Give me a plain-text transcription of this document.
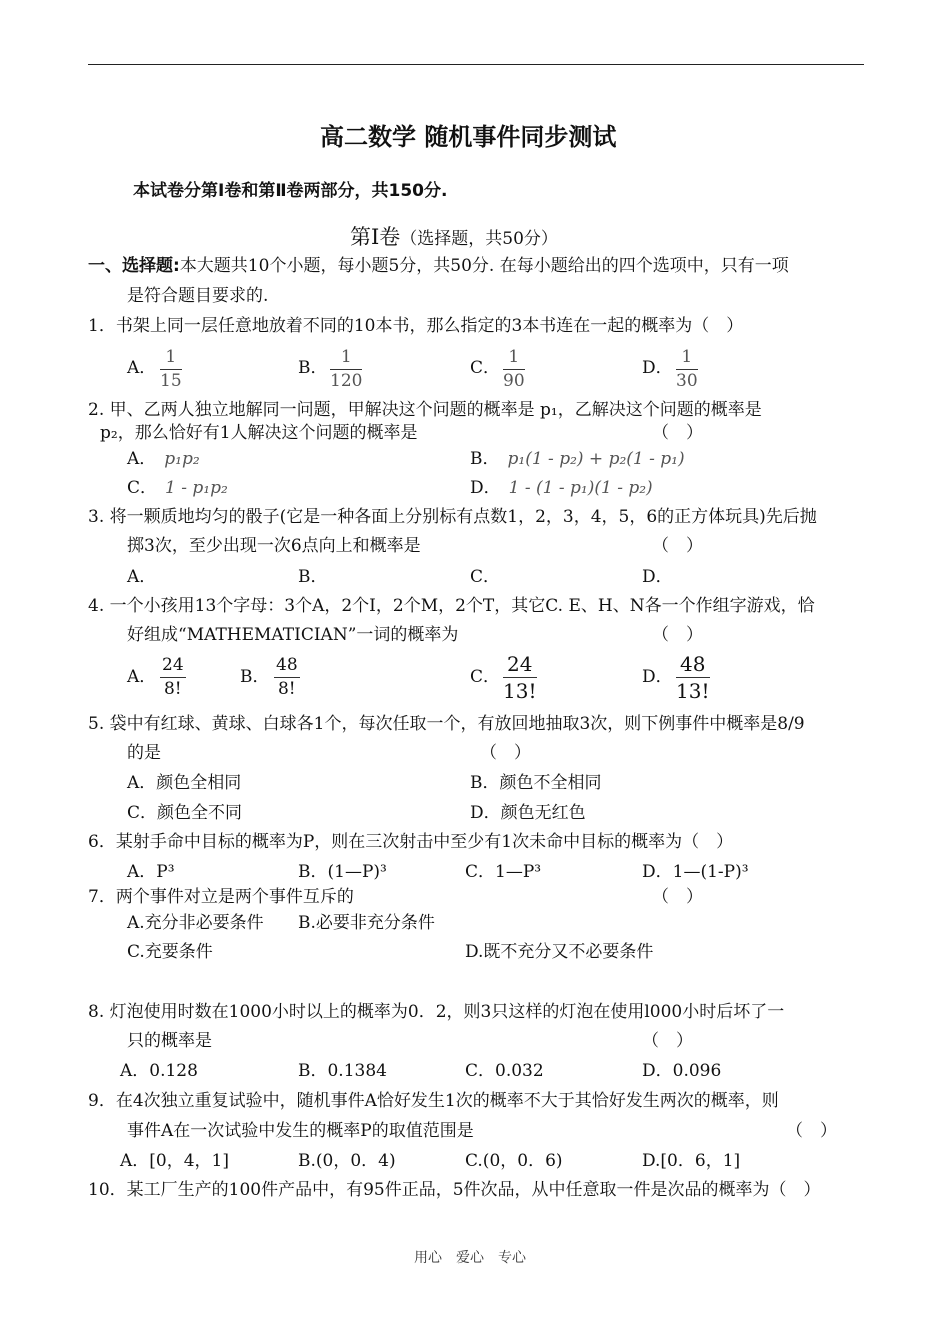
高二数学 随机事件同步测试
本试卷分第Ⅰ卷和第Ⅱ卷两部分，共150分.
第Ⅰ卷（选择题，共50分）
一、选择题:本大题共10个小题，每小题5分，共50分. 在每小题给出的四个选项中，只有一项
是符合题目要求的.
1．书架上同一层任意地放着不同的10本书，那么指定的3本书连在一起的概率为（　）
A． $\frac{1}{15}$	B． $\frac{1}{120}$	C． $\frac{1}{90}$	D． $\frac{1}{30}$
2. 甲、乙两人独立地解同一问题，甲解决这个问题的概率是 p₁，乙解决这个问题的概率是
p₂，那么恰好有1人解决这个问题的概率是	（　）
A． p₁p₂	B． p₁(1 - p₂) + p₂(1 - p₁)
C． 1 - p₁p₂	D． 1 - (1 - p₁)(1 - p₂)
3. 将一颗质地均匀的骰子(它是一种各面上分别标有点数1，2，3，4，5，6的正方体玩具)先后抛
掷3次，至少出现一次6点向上和概率是	（　）
A．	B．	C．	D．
4. 一个小孩用13个字母：3个A，2个I，2个M，2个T，其它C. E、H、N各一个作组字游戏，恰
好组成“MATHEMATICIAN”一词的概率为	（　）
A． $\frac{24}{8!}$	B． $\frac{48}{8!}$	C． $\frac{24}{13!}$	D． $\frac{48}{13!}$
5. 袋中有红球、黄球、白球各1个，每次任取一个，有放回地抽取3次，则下例事件中概率是8/9
的是	（　）
A．颜色全相同	B．颜色不全相同
C．颜色全不同	D．颜色无红色
6．某射手命中目标的概率为P，则在三次射击中至少有1次未命中目标的概率为（　）
A．P³	B．(1—P)³	C．1—P³	D．1—(1-P)³
7．两个事件对立是两个事件互斥的	（　）
A.充分非必要条件 B.必要非充分条件
C.充要条件	D.既不充分又不必要条件
8. 灯泡使用时数在1000小时以上的概率为0．2，则3只这样的灯泡在使用l000小时后坏了一
只的概率是	（　）
A．0.128	B．0.1384	C．0.032	D．0.096
9．在4次独立重复试验中，随机事件A恰好发生1次的概率不大于其恰好发生两次的概率，则
事件A在一次试验中发生的概率P的取值范围是	（　）
A．[0，4，1]	B.(0，0．4)	C.(0，0．6)	D.[0．6，1]
10．某工厂生产的100件产品中，有95件正品，5件次品，从中任意取一件是次品的概率为（　）
用心　爱心　专心
